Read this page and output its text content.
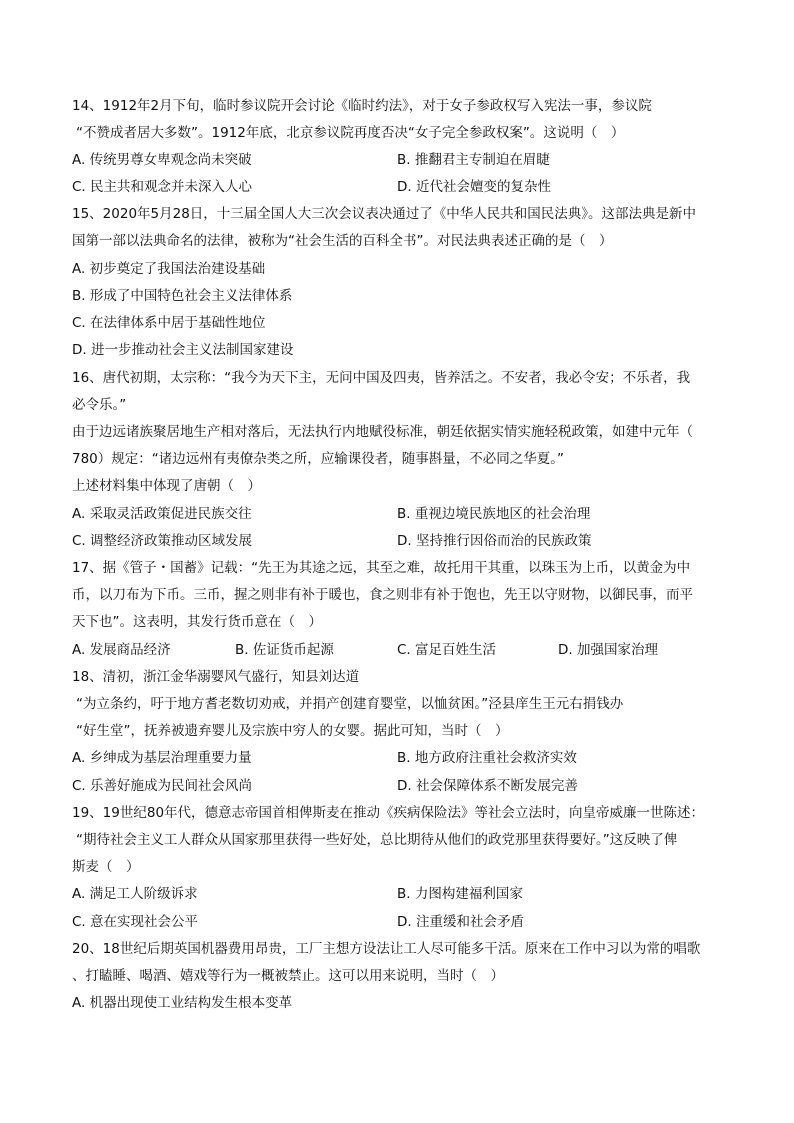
14、1912年2月下旬，临时参议院开会讨论《临时约法》，对于女子参政权写入宪法一事，参议院
“不赞成者居大多数”。1912年底，北京参议院再度否决“女子完全参政权案”。这说明（　）
A. 传统男尊女卑观念尚未突破	B. 推翻君主专制迫在眉睫
C. 民主共和观念并未深入人心	D. 近代社会嬗变的复杂性
15、2020年5月28日，十三届全国人大三次会议表决通过了《中华人民共和国民法典》。这部法典是新中
国第一部以法典命名的法律，被称为“社会生活的百科全书”。对民法典表述正确的是（　）
A. 初步奠定了我国法治建设基础
B. 形成了中国特色社会主义法律体系
C. 在法律体系中居于基础性地位
D. 进一步推动社会主义法制国家建设
16、唐代初期，太宗称：“我今为天下主，无问中国及四夷，皆养活之。不安者，我必令安；不乐者，我
必令乐。”
由于边远诸族聚居地生产相对落后，无法执行内地赋役标准，朝廷依据实情实施轻税政策，如建中元年（
780）规定：“诸边远州有夷僚杂类之所，应输课役者，随事斟量，不必同之华夏。”
上述材料集中体现了唐朝（　）
A. 采取灵活政策促进民族交往	B. 重视边境民族地区的社会治理
C. 调整经济政策推动区域发展	D. 坚持推行因俗而治的民族政策
17、据《管子・国蓄》记载：“先王为其途之远，其至之难，故托用干其重，以珠玉为上币，以黄金为中
币，以刀布为下币。三币，握之则非有补于暖也，食之则非有补于饱也，先王以守财物，以御民事，而平
天下也”。这表明，其发行货币意在（　）
A. 发展商品经济	B. 佐证货币起源	C. 富足百姓生活	D. 加强国家治理
18、清初，浙江金华溺婴风气盛行，知县刘达道
“为立条约，吁于地方耆老数切劝戒，并捐产创建育婴堂，以恤贫困。”泾县庠生王元右捐钱办
“好生堂”，抚养被遗弃婴儿及宗族中穷人的女婴。据此可知，当时（　）
A. 乡绅成为基层治理重要力量	B. 地方政府注重社会救济实效
C. 乐善好施成为民间社会风尚	D. 社会保障体系不断发展完善
19、19世纪80年代，德意志帝国首相俾斯麦在推动《疾病保险法》等社会立法时，向皇帝威廉一世陈述：
“期待社会主义工人群众从国家那里获得一些好处，总比期待从他们的政党那里获得要好。”这反映了俾
斯麦（　）
A. 满足工人阶级诉求	B. 力图构建福利国家
C. 意在实现社会公平	D. 注重缓和社会矛盾
20、18世纪后期英国机器费用昂贵，工厂主想方设法让工人尽可能多干活。原来在工作中习以为常的唱歌
、打瞌睡、喝酒、嬉戏等行为一概被禁止。这可以用来说明，当时（　）
A. 机器出现使工业结构发生根本变革
